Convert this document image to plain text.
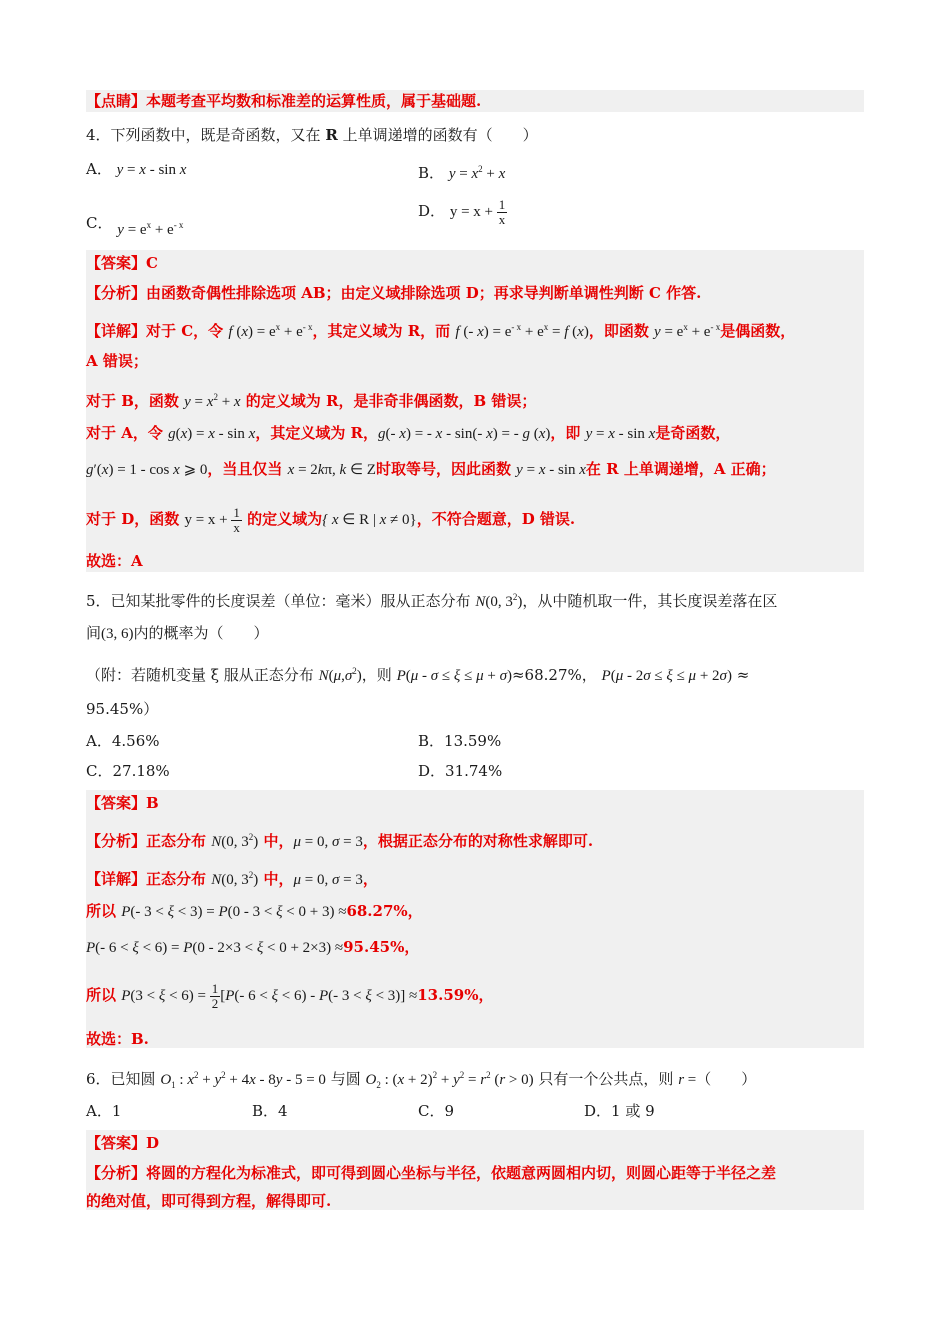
【点睛】本题考查平均数和标准差的运算性质，属于基础题.
4．下列函数中，既是奇函数，又在 R 上单调递增的函数有（　　）
A． y = x - sin x	B． $y = x^2 + x$
C． $y = e^x + e^{- x}$
D． $y = x + \frac{1}{x}$
【答案】C
【分析】由函数奇偶性排除选项 AB；由定义域排除选项 D；再求导判断单调性判断 C 作答.
【详解】对于 C，令 f $(x) = e^x + e^{- x}$，其定义域为 R，而 f (- $x) = e^{- x} + e^x = f$ (x)，即函数 $y = e^x + e^{- x}$是偶函数，
A 错误；
对于 B，函数 $y = x^2 + x$ 的定义域为 R，是非奇非偶函数，B 错误；
对于 A，令 g(x) = x - sin x，其定义域为 R，g(- x) = - x - sin(- x) = - g (x)，即 y = x - sin x是奇函数，
g′(x) = 1 - cos x ⩾ 0，当且仅当 x = 2kπ, k ∈ Z时取等号，因此函数 y = x - sin x在 R 上单调递增，A 正确；
对于 D，函数 $y = x + \frac{1}{x}$ 的定义域为{ x ∈ R | x ≠ 0}，不符合题意，D 错误.
故选：A
5．已知某批零件的长度误差（单位：毫米）服从正态分布 N(0, $3^2$)，从中随机取一件，其长度误差落在区
间(3, 6)内的概率为（　　）
（附：若随机变量 ξ 服从正态分布 $N(\mu,\sigma^2)$，则 P(μ - σ ≤ ξ ≤ μ + σ)≈68.27%， P(μ - 2σ ≤ ξ ≤ μ + 2σ) ≈
95.45%）
A．4.56%	B．13.59%
C．27.18%	D．31.74%
【答案】B
【分析】正态分布 N(0, $3^2$) 中，μ = 0, σ = 3，根据正态分布的对称性求解即可.
【详解】正态分布 N(0, $3^2$) 中，μ = 0, σ = 3，
所以 P(- 3 < ξ < 3) = P(0 - 3 < ξ < 0 + 3) ≈68.27%，
P(- 6 < ξ < 6) = P(0 - 2×3 < ξ < 0 + 2×3) ≈95.45%，
所以 $P(3 < \xi < 6) = \frac{1}{2} [P(-$ 6 < ξ < 6) - P(- 3 < ξ < 3)] ≈13.59%，
故选：B.
6．已知圆 $O_1$ : $x^2 + y^2 + 4x - 8y - 5 = 0$ 与圆 $O_2$ : $(x + 2)^2 + y^2 = r^2$ (r > 0) 只有一个公共点，则 r =（　　）
A．1	B．4	C．9	D．1 或 9
【答案】D
【分析】将圆的方程化为标准式，即可得到圆心坐标与半径，依题意两圆相内切，则圆心距等于半径之差
的绝对值，即可得到方程，解得即可.
